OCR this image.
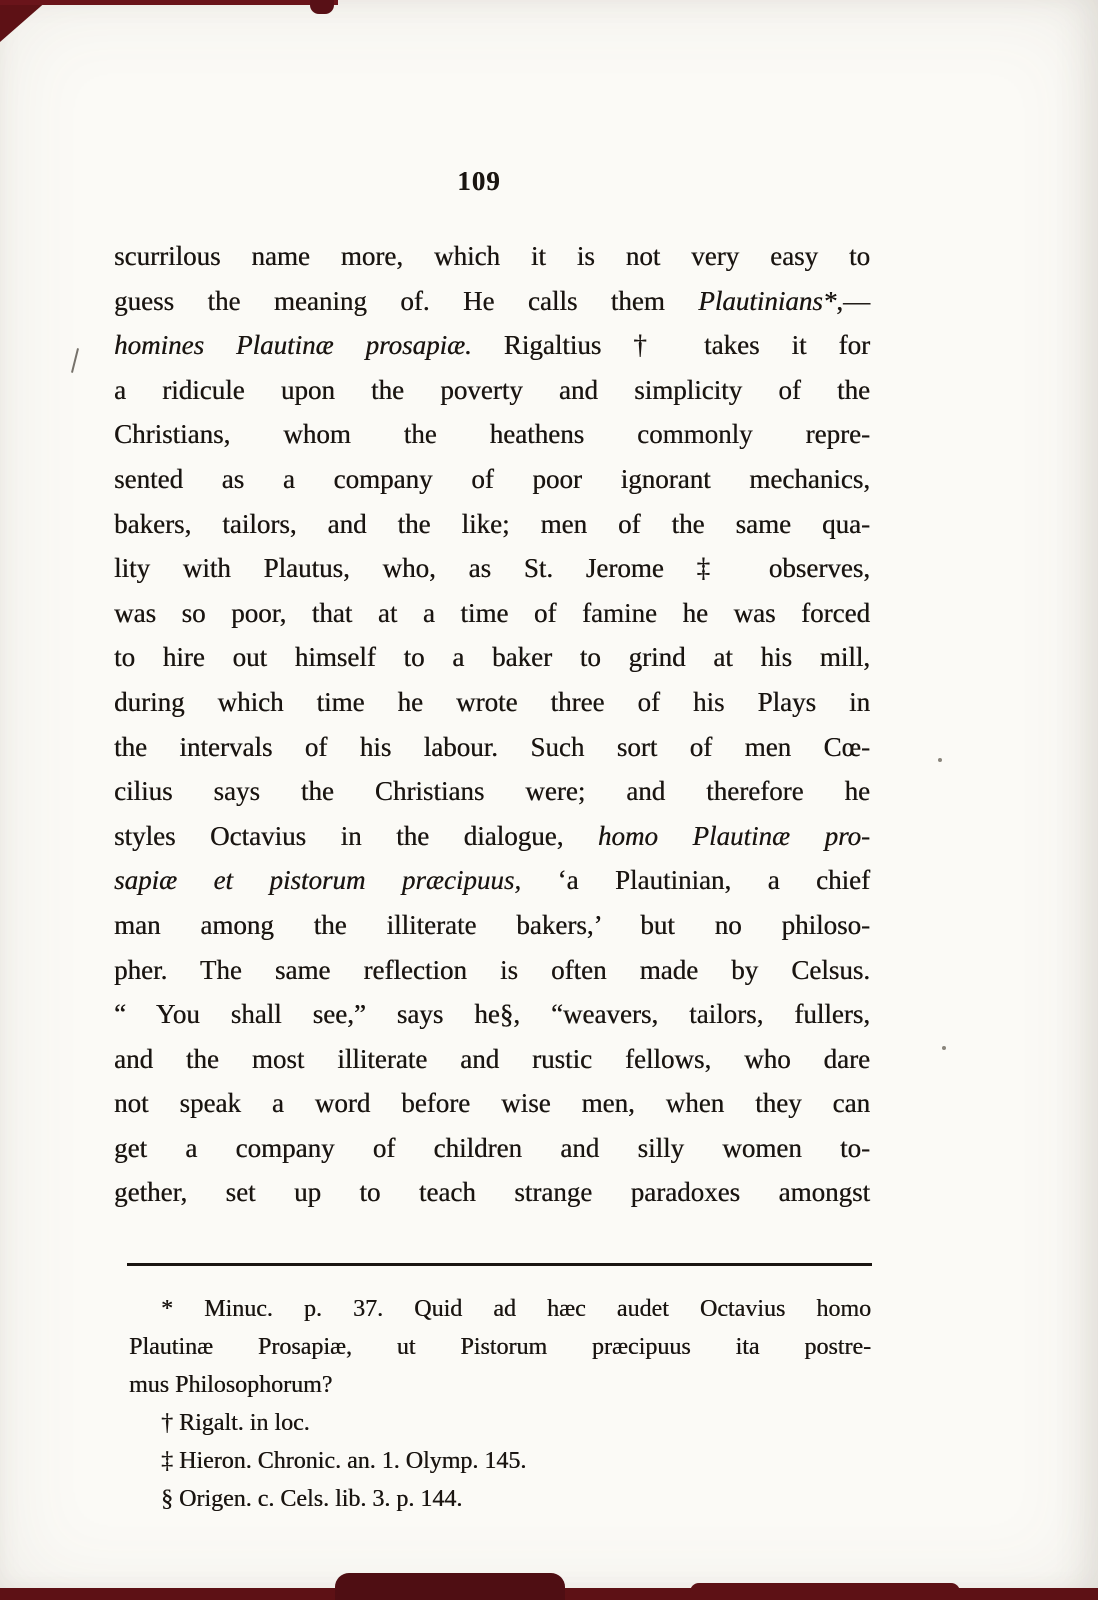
109
scurrilous name more, which it is not very easy to
guess the meaning of. He calls them Plautinians*,—
homines Plautinæ prosapiæ. Rigaltius † takes it for
a ridicule upon the poverty and simplicity of the
Christians, whom the heathens commonly repre-
sented as a company of poor ignorant mechanics,
bakers, tailors, and the like; men of the same qua-
lity with Plautus, who, as St. Jerome ‡ observes,
was so poor, that at a time of famine he was forced
to hire out himself to a baker to grind at his mill,
during which time he wrote three of his Plays in
the intervals of his labour. Such sort of men Cœ-
cilius says the Christians were; and therefore he
styles Octavius in the dialogue, homo Plautinæ pro-
sapiæ et pistorum præcipuus, ‘a Plautinian, a chief
man among the illiterate bakers,’ but no philoso-
pher. The same reflection is often made by Celsus.
“ You shall see,” says he§, “weavers, tailors, fullers,
and the most illiterate and rustic fellows, who dare
not speak a word before wise men, when they can
get a company of children and silly women to-
gether, set up to teach strange paradoxes amongst
* Minuc. p. 37. Quid ad hæc audet Octavius homo
Plautinæ Prosapiæ, ut Pistorum præcipuus ita postre-
mus Philosophorum?
† Rigalt. in loc.
‡ Hieron. Chronic. an. 1. Olymp. 145.
§ Origen. c. Cels. lib. 3. p. 144.
